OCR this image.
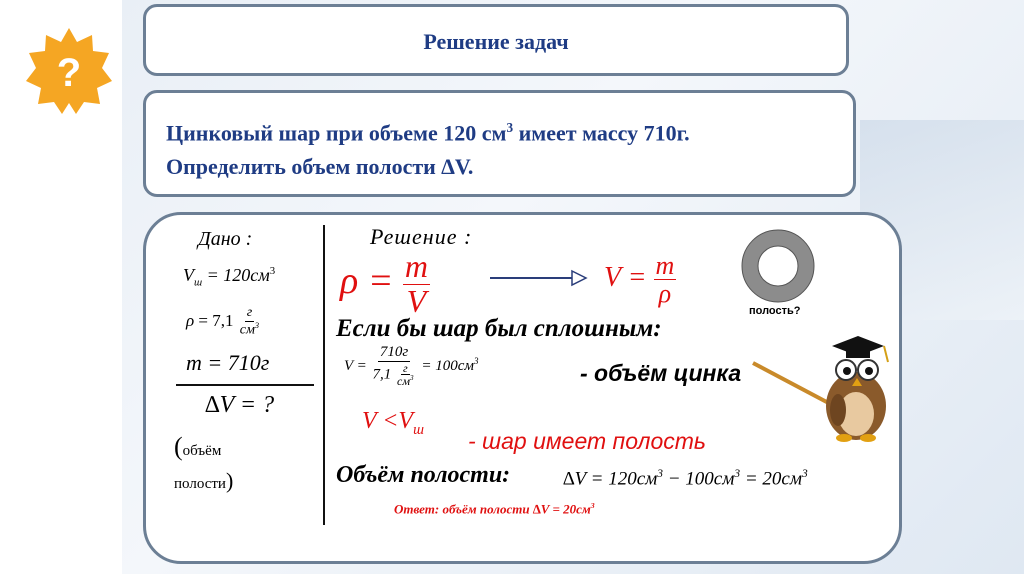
?
Решение задач
Цинковый шар при объеме 120 $см^3$ имеет массу 710г.
Определить объем полости ∆V.
Дано :
$V_ш = 120см^3$
$\rho = 7,1 \frac{г}{см^3}$
m = 710г
∆V = ?
(объём
полости)
Решение :
$\rho = \frac{m}{V}$	$V = \frac{m}{\rho}$
Если бы шар был сплошным:
$V = \frac{710г}{7,1 \frac{г}{см^3}} = 100см^3$	- объём цинка
$V <V_ш$ - шар имеет полость
Объём полости:	$\Delta V = 120см^3 - 100см^3 = 20см^3$
Ответ: объём полости $\Delta V = 20см^3$
полость?
